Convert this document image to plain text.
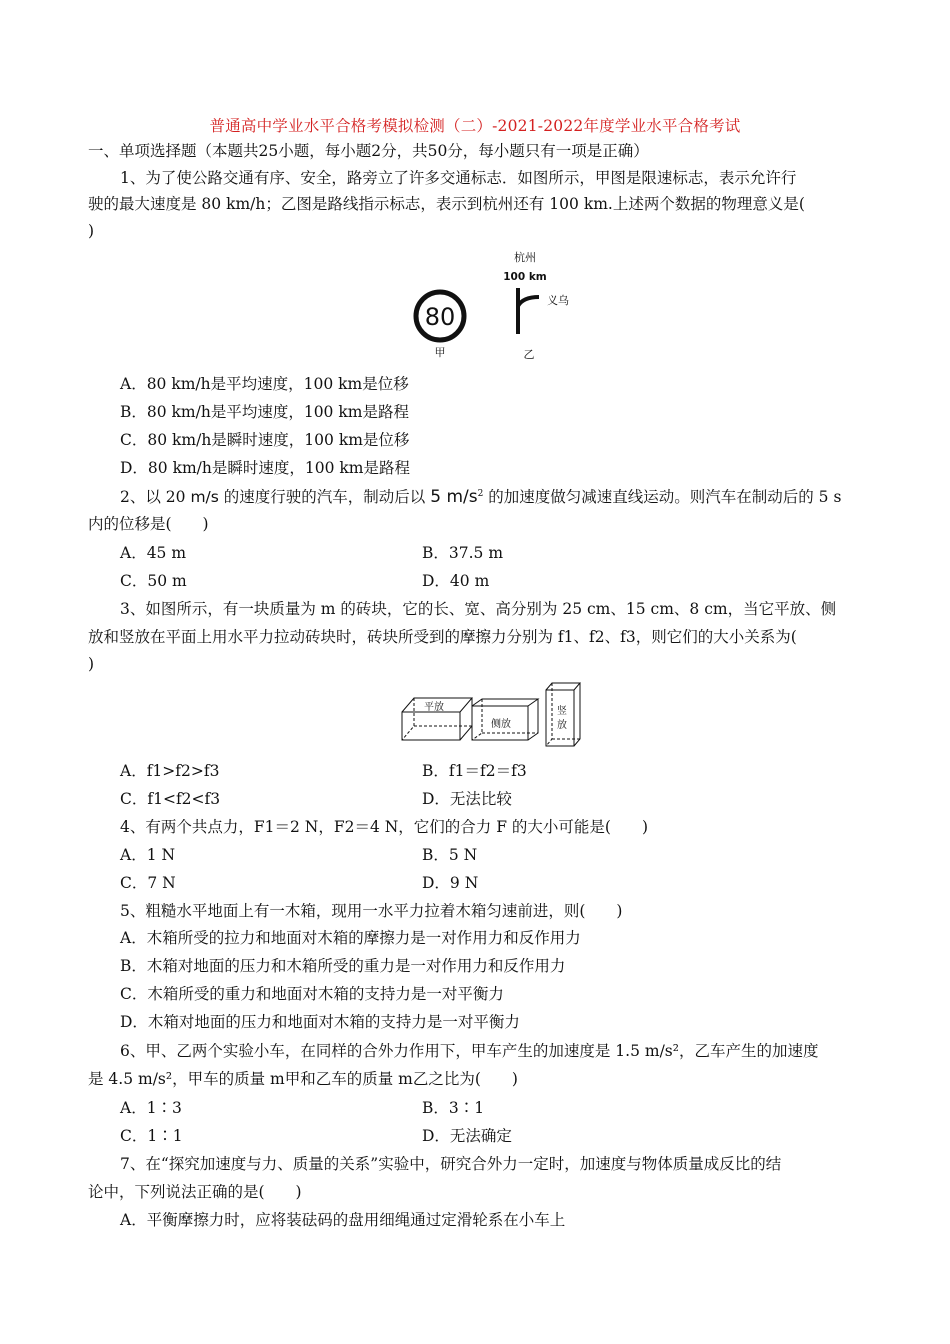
普通高中学业水平合格考模拟检测（二）-2021-2022年度学业水平合格考试
一、单项选择题（本题共25小题，每小题2分，共50分，每小题只有一项是正确）
1、为了使公路交通有序、安全，路旁立了许多交通标志．如图所示，甲图是限速标志，表示允许行
驶的最大速度是 80 km/h；乙图是路线指示标志，表示到杭州还有 100 km.上述两个数据的物理意义是(
)
80
甲
杭州
100 km
义乌
乙
A．80 km/h是平均速度，100 km是位移
B．80 km/h是平均速度，100 km是路程
C．80 km/h是瞬时速度，100 km是位移
D．80 km/h是瞬时速度，100 km是路程
2、以 20 m/s 的速度行驶的汽车，制动后以 5 $m/s^2$ 的加速度做匀减速直线运动。则汽车在制动后的 5 s
内的位移是(　　)
A．45 m	B．37.5 m
C．50 m	D．40 m
3、如图所示，有一块质量为 m 的砖块，它的长、宽、高分别为 25 cm、15 cm、8 cm，当它平放、侧
放和竖放在平面上用水平力拉动砖块时，砖块所受到的摩擦力分别为 f1、f2、f3，则它们的大小关系为(
)
平放
侧放
竖
放
A．f1>f2>f3	B．f1＝f2＝f3
C．f1<f2<f3	D．无法比较
4、有两个共点力，F1＝2 N，F2＝4 N，它们的合力 F 的大小可能是(　　)
A．1 N	B．5 N
C．7 N	D．9 N
5、粗糙水平地面上有一木箱，现用一水平力拉着木箱匀速前进，则(　　)
A．木箱所受的拉力和地面对木箱的摩擦力是一对作用力和反作用力
B．木箱对地面的压力和木箱所受的重力是一对作用力和反作用力
C．木箱所受的重力和地面对木箱的支持力是一对平衡力
D．木箱对地面的压力和地面对木箱的支持力是一对平衡力
6、甲、乙两个实验小车，在同样的合外力作用下，甲车产生的加速度是 1.5 m/s²，乙车产生的加速度
是 4.5 m/s²，甲车的质量 m甲和乙车的质量 m乙之比为(　　)
A．1∶3	B．3∶1
C．1∶1	D．无法确定
7、在“探究加速度与力、质量的关系”实验中，研究合外力一定时，加速度与物体质量成反比的结
论中，下列说法正确的是(　　)
A．平衡摩擦力时，应将装砝码的盘用细绳通过定滑轮系在小车上
